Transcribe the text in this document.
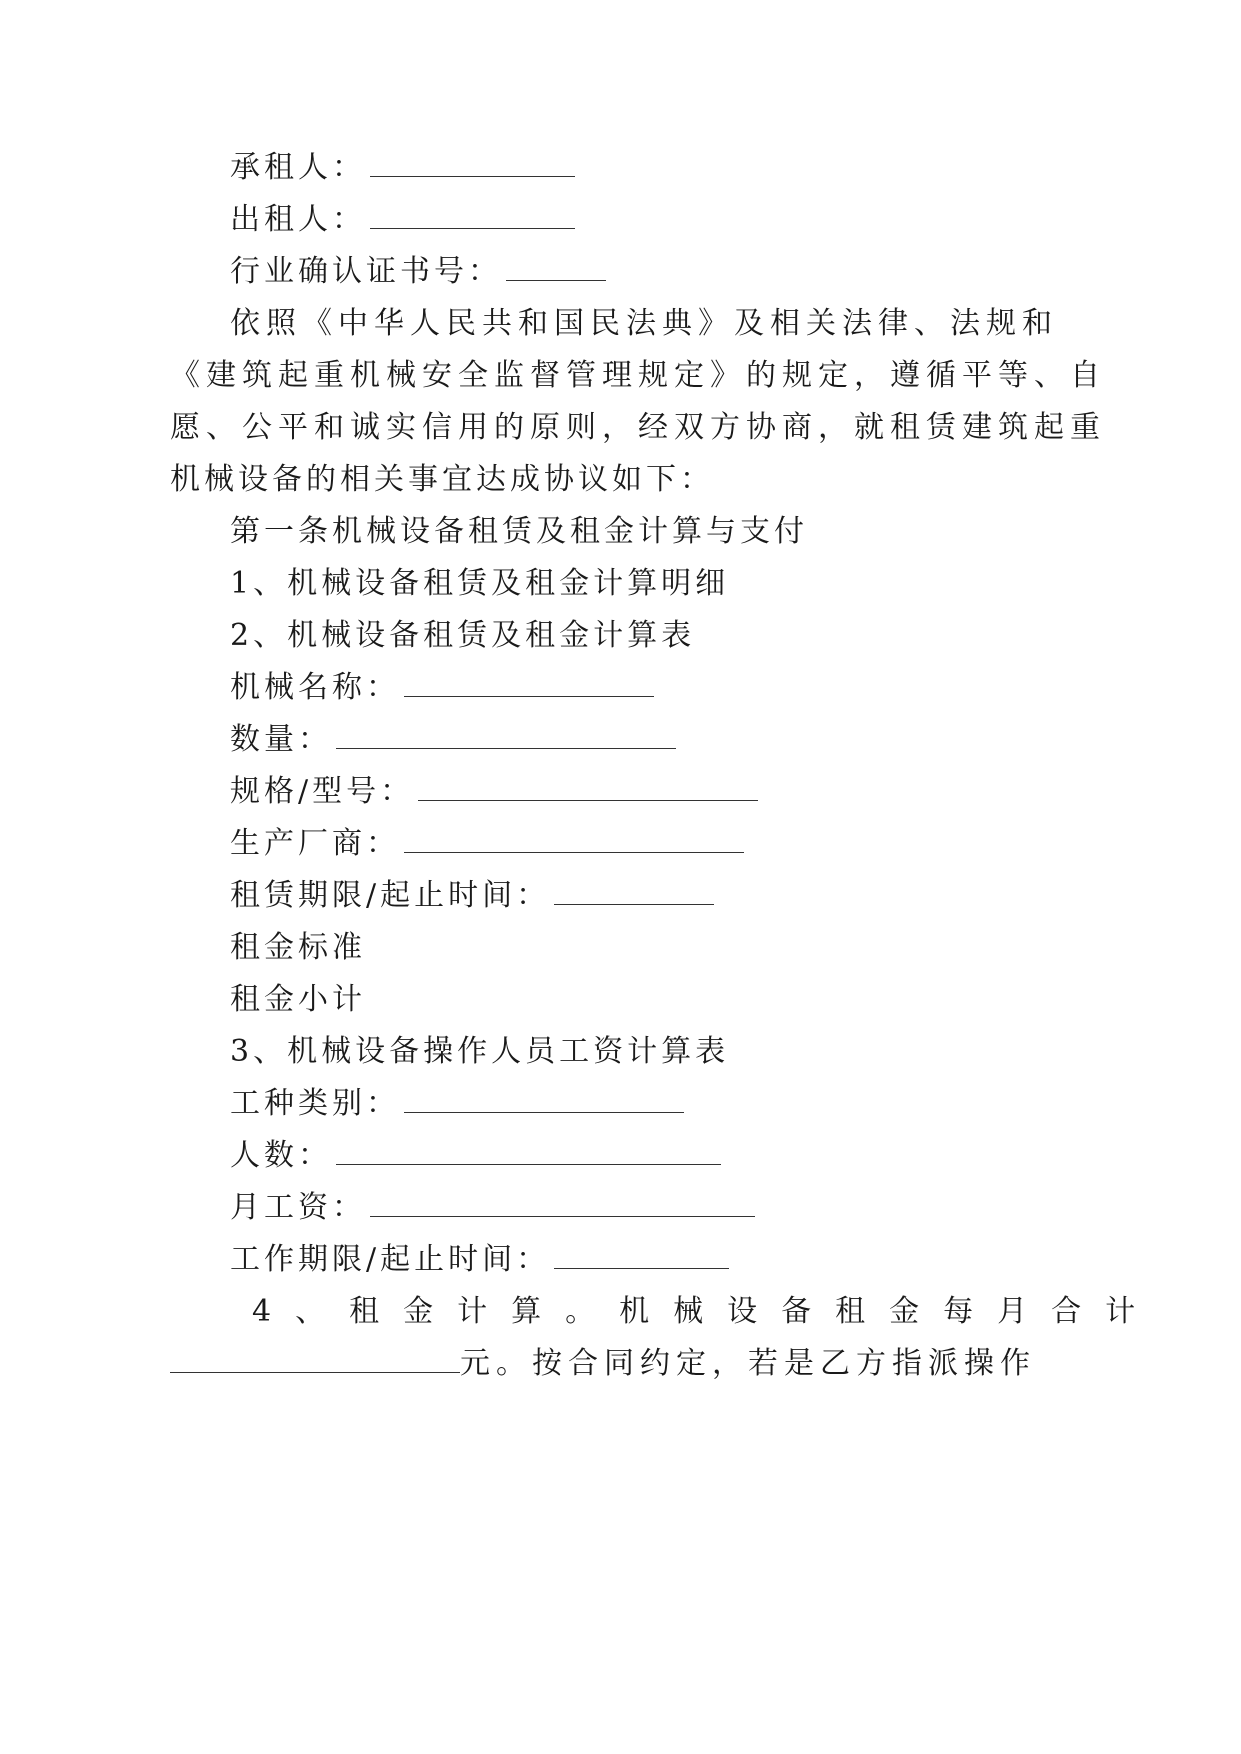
承租人：
出租人：
行业确认证书号：
依照《中华人民共和国民法典》及相关法律、法规和
《建筑起重机械安全监督管理规定》的规定，遵循平等、自
愿、公平和诚实信用的原则，经双方协商，就租赁建筑起重
机械设备的相关事宜达成协议如下：
第一条机械设备租赁及租金计算与支付
1、机械设备租赁及租金计算明细
2、机械设备租赁及租金计算表
机械名称：
数量：
规格/型号：
生产厂商：
租赁期限/起止时间：
租金标准
租金小计
3、机械设备操作人员工资计算表
工种类别：
人数：
月工资：
工作期限/起止时间：
4、租金计算。机械设备租金每月合计
元。按合同约定，若是乙方指派操作
